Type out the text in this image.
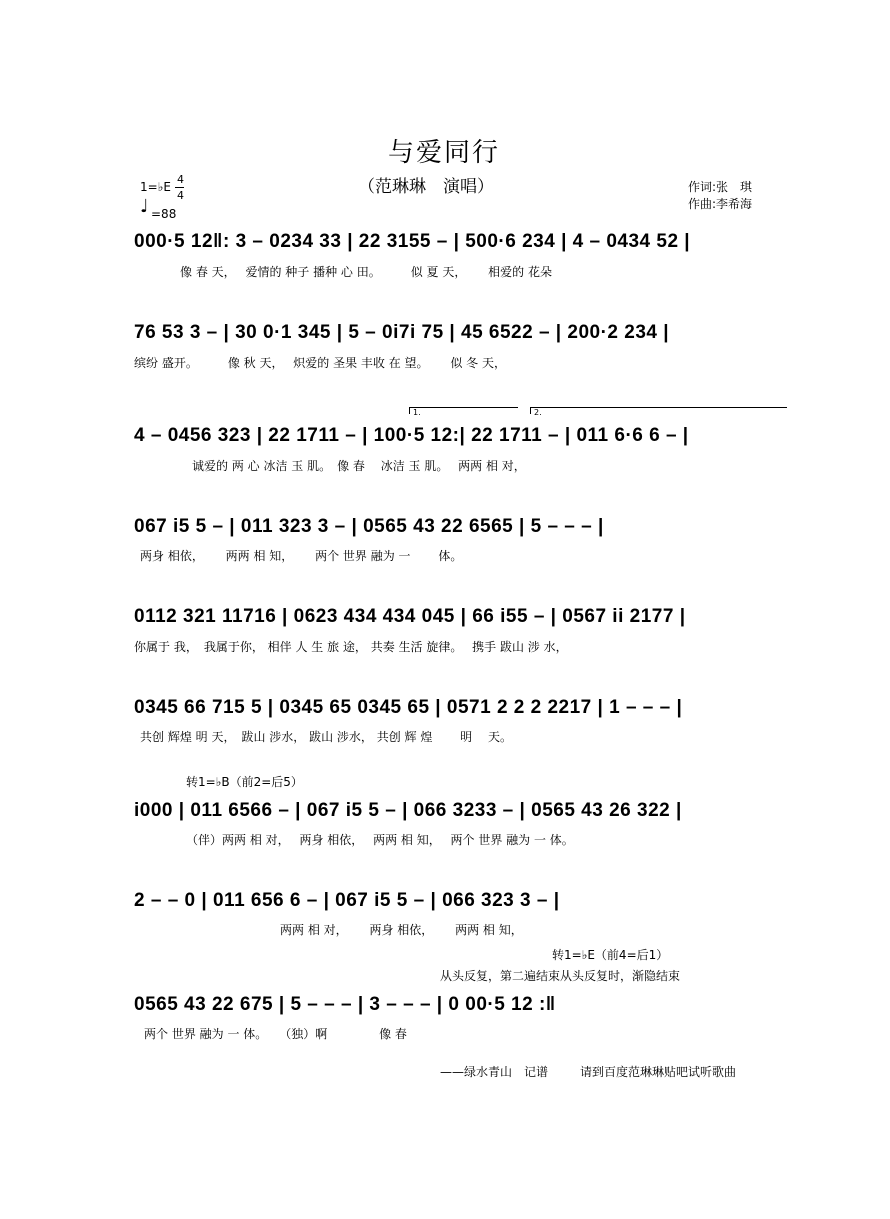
与爱同行
（范琳琳　演唱）
1=♭E
4
4
♩ =88
作词:张　琪
作曲:李希海
000·5 12‖: 3 – 0234 33 | 22 3155 – | 500·6 234 | 4 – 0434 52 |
像 春 天，　 爱情的 种子 播种 心 田。　　　似 夏 天，　　 相爱的 花朵
76 53 3 – | 30 0·1 345 | 5 – 0i7i 75 | 45 6522 – | 200·2 234 |
缤纷 盛开。　　　像 秋 天，　 炽爱的 圣果 丰收 在 望。　　 似 冬 天，
1.	2.
4 – 0456 323 | 22 1711 – | 100·5 12:| 22 1711 – | 011 6·6 6 – |
诚爱的 两 心 冰洁 玉 肌。　像 春　 冰洁 玉 肌。　 两两 相 对，
067 i5 5 – | 011 323 3 – | 0565 43 22 6565 | 5 – – – |
两身 相依，　　 两两 相 知，　　 两个 世界 融为 一　　 体。
0112 321 11716 | 0623 434 434 045 | 66 i55 – | 0567 ii 2177 |
你属于 我，　我属于你， 相伴 人 生 旅 途， 共奏 生活 旋律。　 携手 跋山 涉 水，
0345 66 715 5 | 0345 65 0345 65 | 0571 2 2 2 2217 | 1 – – – |
共创 辉煌 明 天，　跋山 涉水， 跋山 涉水， 共创 辉 煌　　 明　 天。
转1=♭B（前2=后5）
i000 | 011 6566 – | 067 i5 5 – | 066 3233 – | 0565 43 26 322 |
（伴）两两 相 对，　 两身 相依，　 两两 相 知，　 两个 世界 融为 一 体。
2 – – 0 | 011 656 6 – | 067 i5 5 – | 066 323 3 – |
两两 相 对，　　 两身 相依，　　 两两 相 知，
转1=♭E（前4=后1）
从头反复，第二遍结束从头反复时，渐隐结束
0565 43 22 675 | 5 – – – | 3 – – – | 0 00·5 12 :‖
两个 世界 融为 一 体。　　（独）啊　　　　 像 春
——绿水青山　记谱	请到百度范琳琳贴吧试听歌曲
